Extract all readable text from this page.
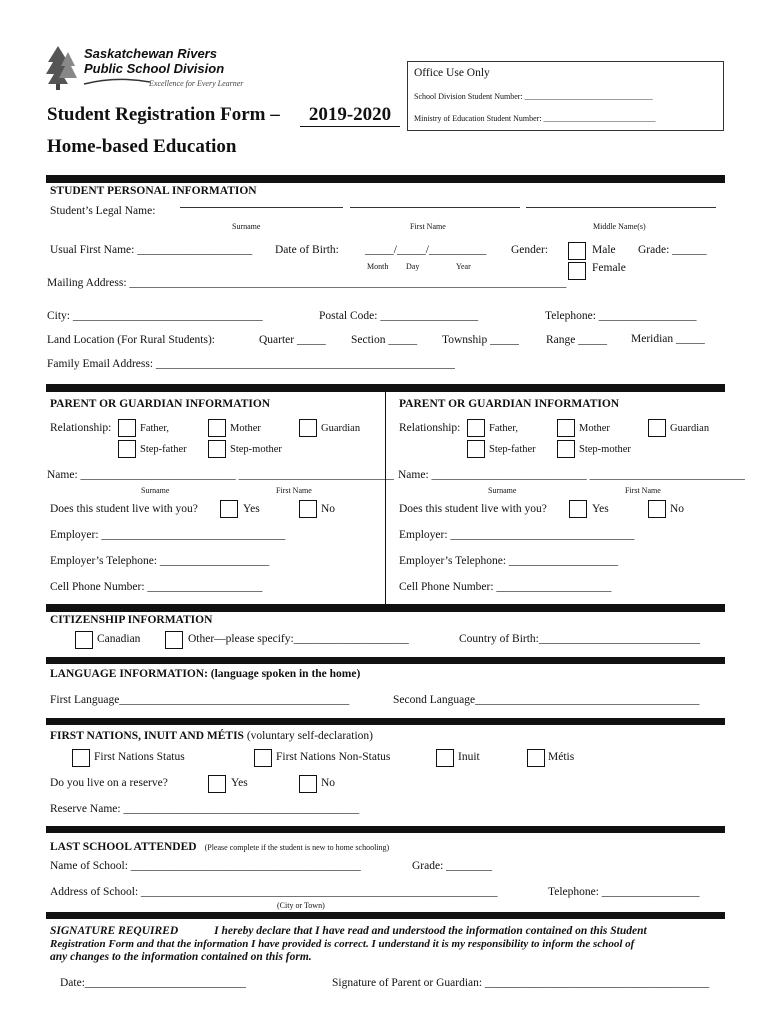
Saskatchewan Rivers
Public School Division
Excellence for Every Learner
Office Use Only
School Division Student Number: ________________________________
Ministry of Education Student Number: ____________________________
Student Registration Form –	2019-2020
Home-based Education
STUDENT PERSONAL INFORMATION
Student’s Legal Name:
Surname	First Name	Middle Name(s)
Usual First Name: ____________________ Date of Birth: _____/_____/__________
Month Day	Year
Gender:	Male
Female
Grade: ______
Mailing Address: ____________________________________________________________________________
City: _________________________________	Postal Code: _________________	Telephone: _________________
Land Location (For Rural Students):	Quarter _____ Section _____ Township _____ Range _____ Meridian _____
Family Email Address: ____________________________________________________
PARENT OR GUARDIAN INFORMATION
Relationship:	Father,	Mother	Guardian
Step-father	Step-mother
Name: ___________________________ ___________________________
Surname	First Name
Does this student live with you?	Yes	No
Employer: ________________________________
Employer’s Telephone: ___________________
Cell Phone Number: ____________________
PARENT OR GUARDIAN INFORMATION
Relationship:	Father,	Mother	Guardian
Step-father	Step-mother
Name: ___________________________ ___________________________
Surname	First Name
Does this student live with you?	Yes	No
Employer: ________________________________
Employer’s Telephone: ___________________
Cell Phone Number: ____________________
CITIZENSHIP INFORMATION
Canadian	Other—please specify:____________________	Country of Birth:____________________________
LANGUAGE INFORMATION: (language spoken in the home)
First Language________________________________________	Second Language_______________________________________
FIRST NATIONS, INUIT AND MÉTIS (voluntary self-declaration)
First Nations Status	First Nations Non-Status	Inuit	Métis
Do you live on a reserve?	Yes	No
Reserve Name: _________________________________________
LAST SCHOOL ATTENDED (Please complete if the student is new to home schooling)
Name of School: ________________________________________	Grade: ________
Address of School: ______________________________________________________________
(City or Town)
Telephone: _________________
SIGNATURE REQUIRED	I hereby declare that I have read and understood the information contained on this Student
Registration Form and that the information I have provided is correct. I understand it is my responsibility to inform the school of
any changes to the information contained on this form.
Date:____________________________	Signature of Parent or Guardian: _______________________________________
